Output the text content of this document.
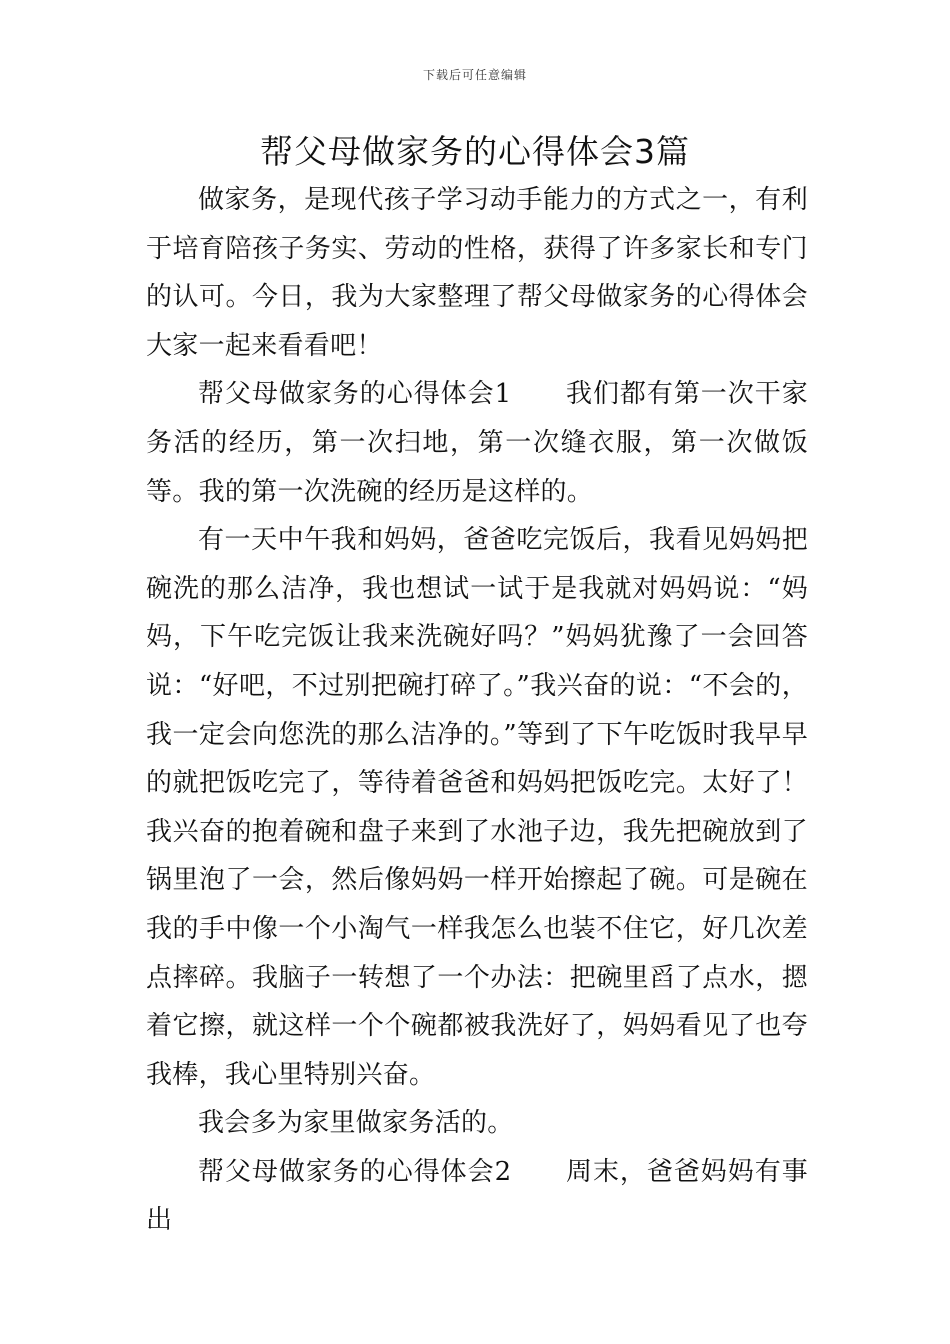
下载后可任意编辑
帮父母做家务的心得体会3篇

做家务，是现代孩子学习动手能力的方式之一，有利于培育陪孩子务实、劳动的性格，获得了许多家长和专门的认可。今日，我为大家整理了帮父母做家务的心得体会大家一起来看看吧！

帮父母做家务的心得体会1　　我们都有第一次干家务活的经历，第一次扫地，第一次缝衣服，第一次做饭等。我的第一次洗碗的经历是这样的。

有一天中午我和妈妈，爸爸吃完饭后，我看见妈妈把碗洗的那么洁净，我也想试一试于是我就对妈妈说：“妈妈，下午吃完饭让我来洗碗好吗？”妈妈犹豫了一会回答说：“好吧，不过别把碗打碎了。”我兴奋的说：“不会的，我一定会向您洗的那么洁净的。”等到了下午吃饭时我早早的就把饭吃完了，等待着爸爸和妈妈把饭吃完。太好了！我兴奋的抱着碗和盘子来到了水池子边，我先把碗放到了锅里泡了一会，然后像妈妈一样开始擦起了碗。可是碗在我的手中像一个小淘气一样我怎么也装不住它，好几次差点摔碎。我脑子一转想了一个办法：把碗里舀了点水，摁着它擦，就这样一个个碗都被我洗好了，妈妈看见了也夸我棒，我心里特别兴奋。

我会多为家里做家务活的。

帮父母做家务的心得体会2　　周末，爸爸妈妈有事出
